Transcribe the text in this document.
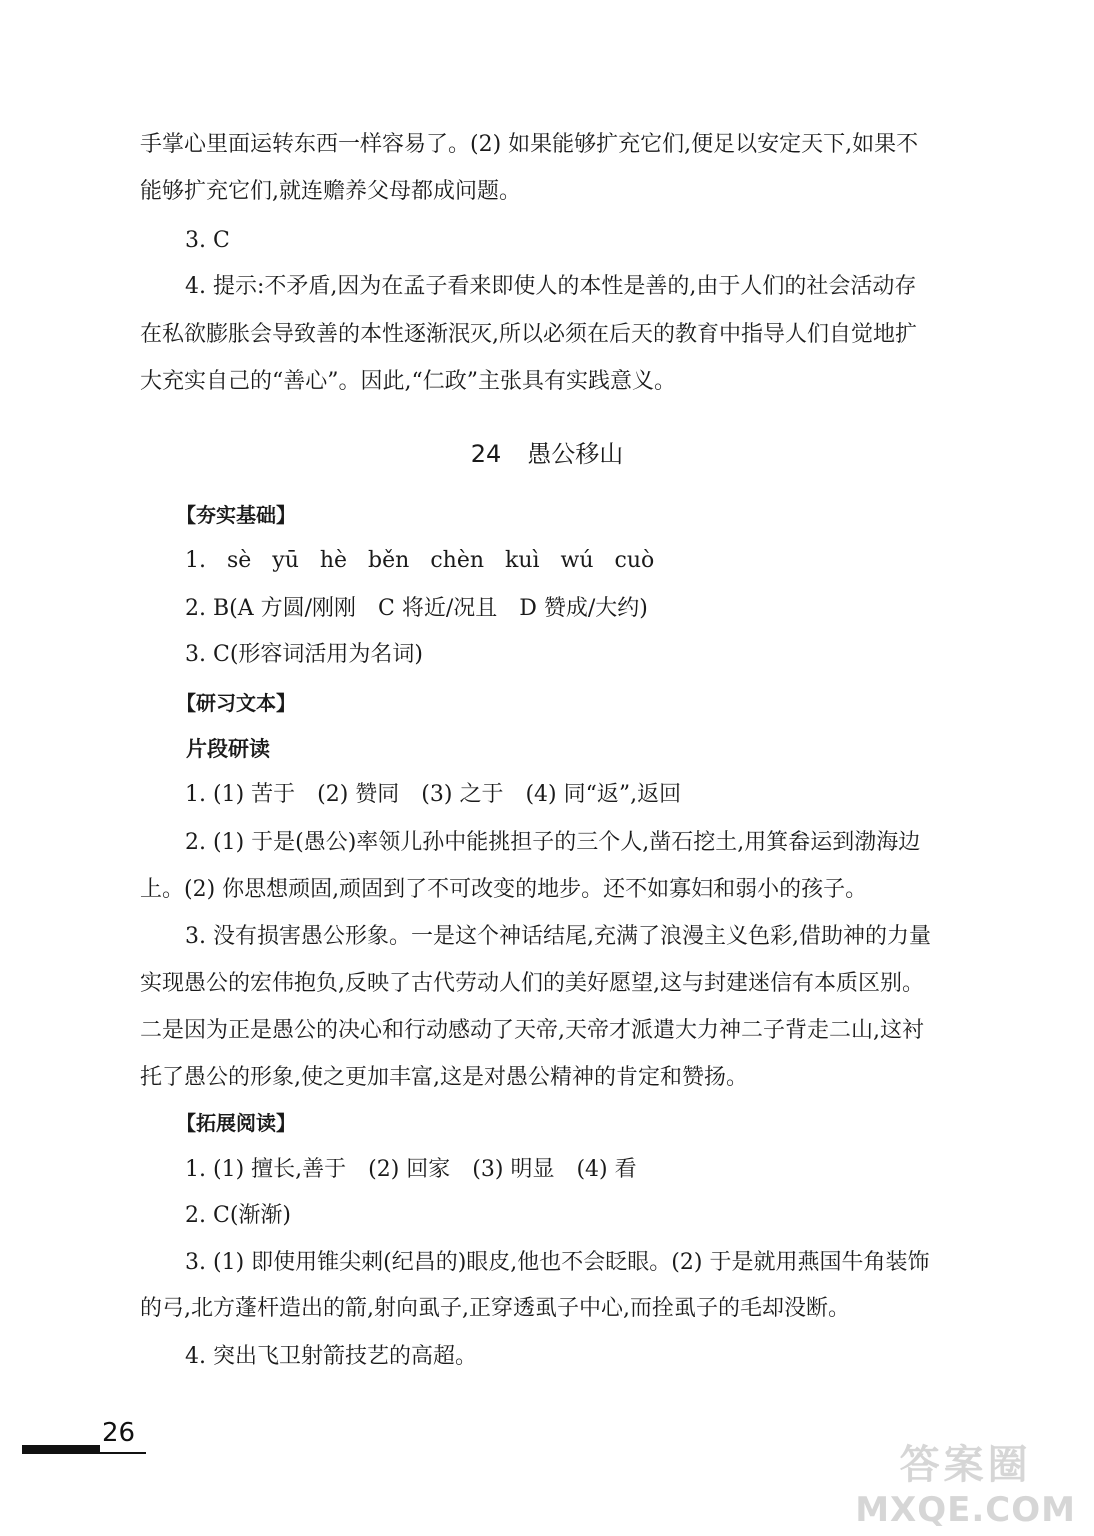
手掌心里面运转东西一样容易了。(2) 如果能够扩充它们,便足以安定天下,如果不
能够扩充它们,就连赡养父母都成问题。
3. C
4. 提示:不矛盾,因为在孟子看来即使人的本性是善的,由于人们的社会活动存
在私欲膨胀会导致善的本性逐渐泯灭,所以必须在后天的教育中指导人们自觉地扩
大充实自己的“善心”。因此,“仁政”主张具有实践意义。
24 愚公移山
【夯实基础】
1. sè yū hè běn chèn kuì wú cuò
2. B(A 方圆/刚刚　C 将近/况且　D 赞成/大约)
3. C(形容词活用为名词)
【研习文本】
片段研读
1. (1) 苦于　(2) 赞同　(3) 之于　(4) 同“返”,返回
2. (1) 于是(愚公)率领儿孙中能挑担子的三个人,凿石挖土,用箕畚运到渤海边
上。(2) 你思想顽固,顽固到了不可改变的地步。还不如寡妇和弱小的孩子。
3. 没有损害愚公形象。一是这个神话结尾,充满了浪漫主义色彩,借助神的力量
实现愚公的宏伟抱负,反映了古代劳动人们的美好愿望,这与封建迷信有本质区别。
二是因为正是愚公的决心和行动感动了天帝,天帝才派遣大力神二子背走二山,这衬
托了愚公的形象,使之更加丰富,这是对愚公精神的肯定和赞扬。
【拓展阅读】
1. (1) 擅长,善于　(2) 回家　(3) 明显　(4) 看
2. C(渐渐)
3. (1) 即使用锥尖刺(纪昌的)眼皮,他也不会眨眼。(2) 于是就用燕国牛角装饰
的弓,北方蓬杆造出的箭,射向虱子,正穿透虱子中心,而拴虱子的毛却没断。
4. 突出飞卫射箭技艺的高超。
26
答案圈
MXQE.COM
